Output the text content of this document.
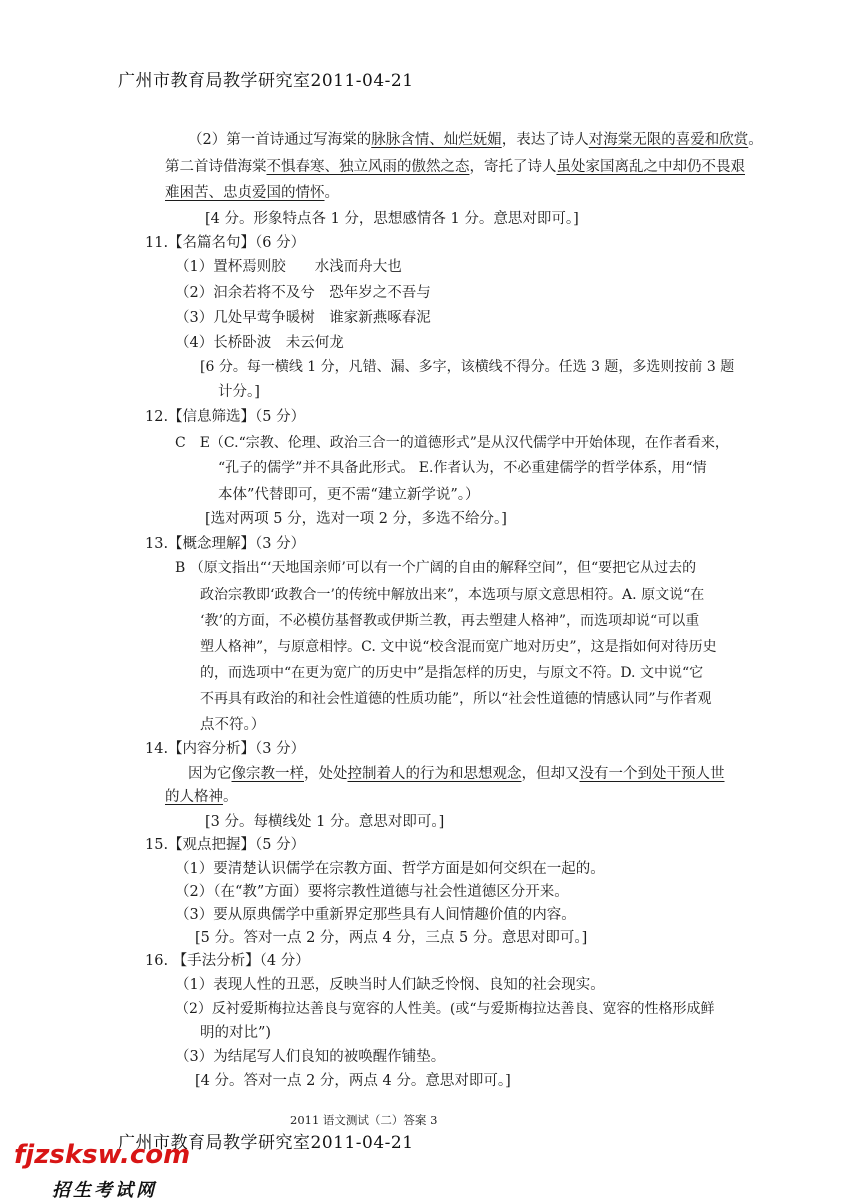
广州市教育局教学研究室2011-04-21
（2）第一首诗通过写海棠的脉脉含情、灿烂妩媚，表达了诗人对海棠无限的喜爱和欣赏。
第二首诗借海棠不惧春寒、独立风雨的傲然之态，寄托了诗人虽处家国离乱之中却仍不畏艰
难困苦、忠贞爱国的情怀。
[4 分。形象特点各 1 分，思想感情各 1 分。意思对即可。]
11.【名篇名句】（6 分）
（1）置杯焉则胶　　水浅而舟大也
（2）汩余若将不及兮　恐年岁之不吾与
（3）几处早莺争暖树　谁家新燕啄春泥
（4）长桥卧波　未云何龙
[6 分。每一横线 1 分，凡错、漏、多字，该横线不得分。任选 3 题，多选则按前 3 题
计分。]
12.【信息筛选】（5 分）
C　E（C.“宗教、伦理、政治三合一的道德形式”是从汉代儒学中开始体现，在作者看来，
“孔子的儒学”并不具备此形式。 E.作者认为，不必重建儒学的哲学体系，用“情
本体”代替即可，更不需“建立新学说”。）
[选对两项 5 分，选对一项 2 分，多选不给分。]
13.【概念理解】（3 分）
B （原文指出“‘天地国亲师’可以有一个广阔的自由的解释空间”，但“要把它从过去的
政治宗教即‘政教合一’的传统中解放出来”，本选项与原文意思相符。A. 原文说“在
‘教’的方面，不必模仿基督教或伊斯兰教，再去塑建人格神”，而选项却说“可以重
塑人格神”，与原意相悖。C. 文中说“校含混而宽广地对历史”，这是指如何对待历史
的，而选项中“在更为宽广的历史中”是指怎样的历史，与原文不符。D. 文中说“它
不再具有政治的和社会性道德的性质功能”，所以“社会性道德的情感认同”与作者观
点不符。）
14.【内容分析】（3 分）
因为它像宗教一样，处处控制着人的行为和思想观念，但却又没有一个到处干预人世
的人格神。
[3 分。每横线处 1 分。意思对即可。]
15.【观点把握】（5 分）
（1）要清楚认识儒学在宗教方面、哲学方面是如何交织在一起的。
（2）（在“教”方面）要将宗教性道德与社会性道德区分开来。
（3）要从原典儒学中重新界定那些具有人间情趣价值的内容。
[5 分。答对一点 2 分，两点 4 分，三点 5 分。意思对即可。]
16. 【手法分析】（4 分）
（1）表现人性的丑恶，反映当时人们缺乏怜悯、良知的社会现实。
（2）反衬爱斯梅拉达善良与宽容的人性美。(或“与爱斯梅拉达善良、宽容的性格形成鲜
明的对比”)
（3）为结尾写人们良知的被唤醒作铺垫。
[4 分。答对一点 2 分，两点 4 分。意思对即可。]
2011 语文测试（二）答案 3
广州市教育局教学研究室2011-04-21
fjzsksw.com
招生考试网
